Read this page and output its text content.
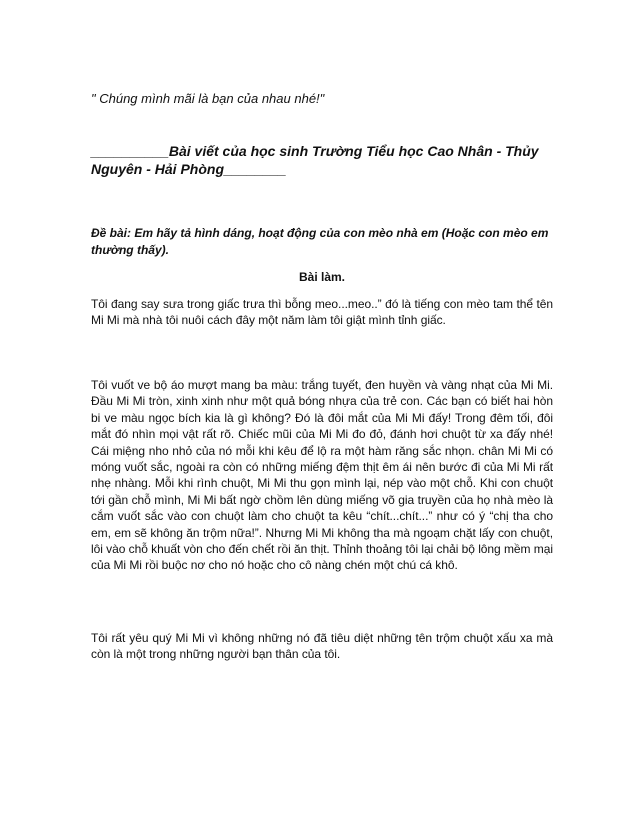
" Chúng mình mãi là bạn của nhau nhé!"
__________Bài viết của học sinh Trường Tiểu học Cao Nhân - Thủy Nguyên - Hải Phòng________
Đề bài: Em hãy tả hình dáng, hoạt động của con mèo nhà em (Hoặc con mèo em thường thấy).
Bài làm.
Tôi đang say sưa trong giấc trưa thì bỗng meo...meo..” đó là tiếng con mèo tam thể tên Mi Mi mà nhà tôi nuôi cách đây một năm làm tôi giật mình tỉnh giấc.
Tôi vuốt ve bộ áo mượt mang ba màu: trắng tuyết, đen huyền và vàng nhạt của Mi Mi. Đầu Mi Mi tròn, xinh xinh như một quả bóng nhựa của trẻ con. Các bạn có biết hai hòn bi ve màu ngọc bích kia là gì không? Đó là đôi mắt của Mi Mi đấy! Trong đêm tối, đôi mắt đó nhìn mọi vật rất rõ. Chiếc mũi của Mi Mi đo đỏ, đánh hơi chuột từ xa đấy nhé! Cái miệng nho nhỏ của nó mỗi khi kêu để lộ ra một hàm răng sắc nhọn. chân Mi Mi có móng vuốt sắc, ngoài ra còn có những miếng đệm thịt êm ái nên bước đi của Mi Mi rất nhẹ nhàng. Mỗi khi rình chuột, Mi Mi thu gọn mình lại, nép vào một chỗ. Khi con chuột tới gần chỗ mình, Mi Mi bất ngờ chồm lên dùng miếng võ gia truyền của họ nhà mèo là cắm vuốt sắc vào con chuột làm cho chuột ta kêu “chít...chít...” như có ý “chị tha cho em, em sẽ không ăn trộm nữa!”. Nhưng Mi Mi không tha mà ngoạm chặt lấy con chuột, lôi vào chỗ khuất vòn cho đến chết rồi ăn thịt. Thỉnh thoảng tôi lại chải bộ lông mềm mại của Mi Mi rồi buộc nơ cho nó hoặc cho cô nàng chén một chú cá khô.
Tôi rất yêu quý Mi Mi vì không những nó đã tiêu diệt những tên trộm chuột xấu xa mà còn là một trong những người bạn thân của tôi.
